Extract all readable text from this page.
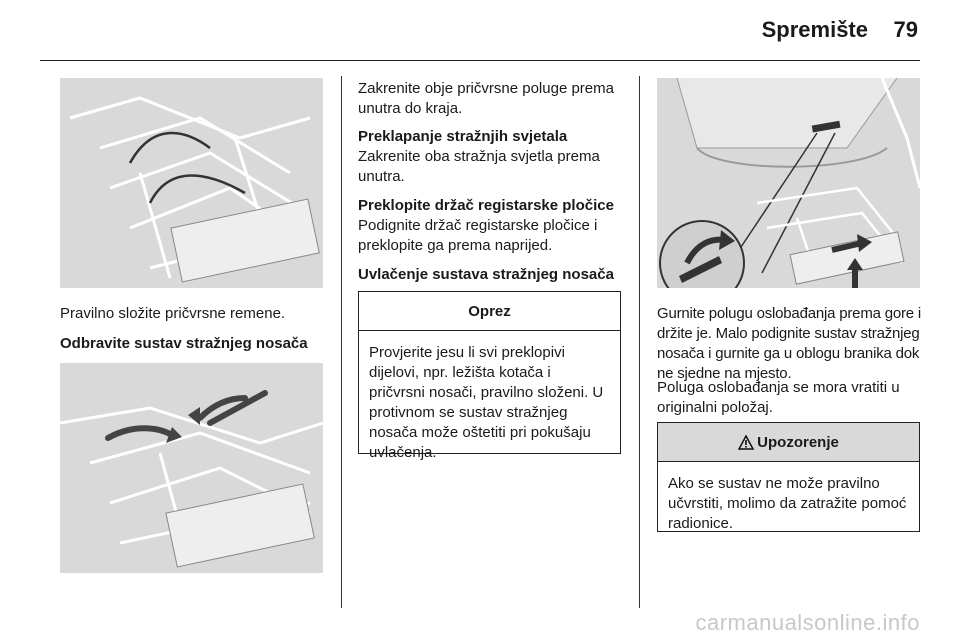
Spremište 79

Pravilno složite pričvrsne remene.

Odbravite sustav stražnjeg nosača

Zakrenite obje pričvrsne poluge prema unutra do kraja.

Preklapanje stražnjih svjetala

Zakrenite oba stražnja svjetla prema unutra.

Preklopite držač registarske pločice

Podignite držač registarske pločice i preklopite ga prema naprijed.

Uvlačenje sustava stražnjeg nosača

Oprez
Provjerite jesu li svi preklopivi dijelovi, npr. ležišta kotača i pričvrsni nosači, pravilno složeni. U protivnom se sustav stražnjeg nosača može oštetiti pri pokušaju uvlačenja.

Gurnite polugu oslobađanja prema gore i držite je. Malo podignite sustav stražnjeg nosača i gurnite ga u oblogu branika dok ne sjedne na mjesto.

Poluga oslobađanja se mora vratiti u originalni položaj.

Upozorenje
Ako se sustav ne može pravilno učvrstiti, molimo da zatražite pomoć radionice.
carmanualsonline.info
